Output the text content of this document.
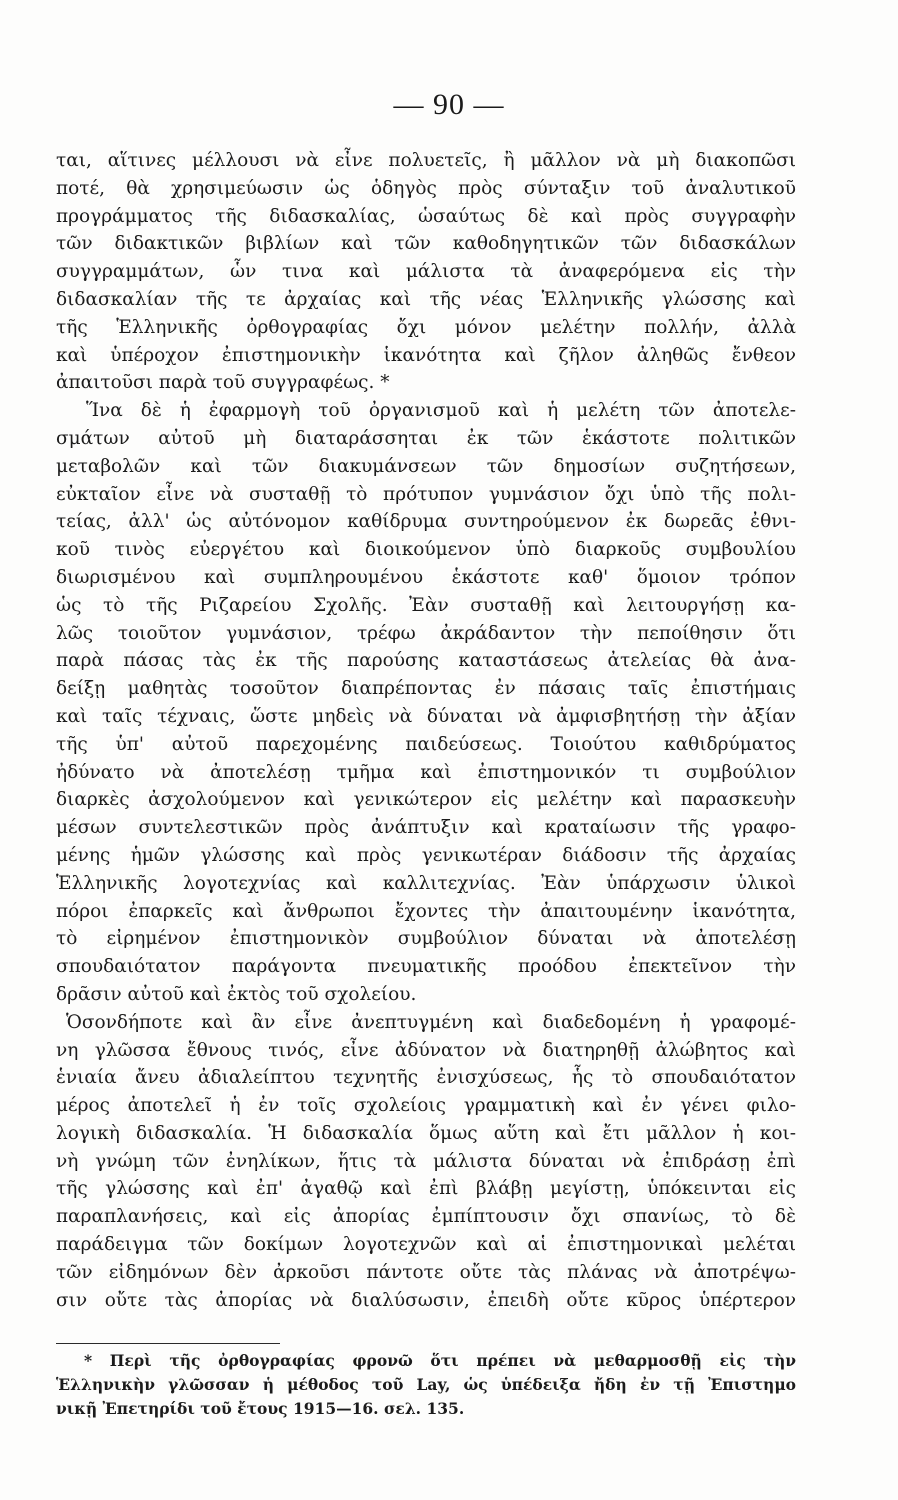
— 90 —
ται, αἵτινες μέλλουσι νὰ εἶνε πολυετεῖς, ἢ μᾶλλον νὰ μὴ διακοπῶσι
ποτέ, θὰ χρησιμεύωσιν ὡς ὁδηγὸς πρὸς σύνταξιν τοῦ ἀναλυτικοῦ
προγράμματος τῆς διδασκαλίας, ὡσαύτως δὲ καὶ πρὸς συγγραφὴν
τῶν διδακτικῶν βιβλίων καὶ τῶν καθοδηγητικῶν τῶν διδασκάλων
συγγραμμάτων, ὧν τινα καὶ μάλιστα τὰ ἀναφερόμενα εἰς τὴν
διδασκαλίαν τῆς τε ἀρχαίας καὶ τῆς νέας Ἑλληνικῆς γλώσσης καὶ
τῆς Ἑλληνικῆς ὀρθογραφίας ὄχι μόνον μελέτην πολλήν, ἀλλὰ
καὶ ὑπέροχον ἐπιστημονικὴν ἱκανότητα καὶ ζῆλον ἀληθῶς ἔνθεον
ἀπαιτοῦσι παρὰ τοῦ συγγραφέως. *
Ἵνα δὲ ἡ ἐφαρμογὴ τοῦ ὀργανισμοῦ καὶ ἡ μελέτη τῶν ἀποτελε-
σμάτων αὐτοῦ μὴ διαταράσσηται ἐκ τῶν ἑκάστοτε πολιτικῶν
μεταβολῶν καὶ τῶν διακυμάνσεων τῶν δημοσίων συζητήσεων,
εὐκταῖον εἶνε νὰ συσταθῇ τὸ πρότυπον γυμνάσιον ὄχι ὑπὸ τῆς πολι-
τείας, ἀλλ' ὡς αὐτόνομον καθίδρυμα συντηρούμενον ἐκ δωρεᾶς ἐθνι-
κοῦ τινὸς εὐεργέτου καὶ διοικούμενον ὑπὸ διαρκοῦς συμβουλίου
διωρισμένου καὶ συμπληρουμένου ἑκάστοτε καθ' ὅμοιον τρόπον
ὡς τὸ τῆς Ριζαρείου Σχολῆς. Ἐὰν συσταθῇ καὶ λειτουργήσῃ κα-
λῶς τοιοῦτον γυμνάσιον, τρέφω ἀκράδαντον τὴν πεποίθησιν ὅτι
παρὰ πάσας τὰς ἐκ τῆς παρούσης καταστάσεως ἀτελείας θὰ ἀνα-
δείξῃ μαθητὰς τοσοῦτον διαπρέποντας ἐν πάσαις ταῖς ἐπιστήμαις
καὶ ταῖς τέχναις, ὥστε μηδεὶς νὰ δύναται νὰ ἀμφισβητήσῃ τὴν ἀξίαν
τῆς ὑπ' αὐτοῦ παρεχομένης παιδεύσεως. Τοιούτου καθιδρύματος
ἠδύνατο νὰ ἀποτελέσῃ τμῆμα καὶ ἐπιστημονικόν τι συμβούλιον
διαρκὲς ἀσχολούμενον καὶ γενικώτερον εἰς μελέτην καὶ παρασκευὴν
μέσων συντελεστικῶν πρὸς ἀνάπτυξιν καὶ κραταίωσιν τῆς γραφο-
μένης ἡμῶν γλώσσης καὶ πρὸς γενικωτέραν διάδοσιν τῆς ἀρχαίας
Ἑλληνικῆς λογοτεχνίας καὶ καλλιτεχνίας. Ἐὰν ὑπάρχωσιν ὑλικοὶ
πόροι ἐπαρκεῖς καὶ ἄνθρωποι ἔχοντες τὴν ἀπαιτουμένην ἱκανότητα,
τὸ εἰρημένον ἐπιστημονικὸν συμβούλιον δύναται νὰ ἀποτελέσῃ
σπουδαιότατον παράγοντα πνευματικῆς προόδου ἐπεκτεῖνον τὴν
δρᾶσιν αὐτοῦ καὶ ἐκτὸς τοῦ σχολείου.
Ὁσονδήποτε καὶ ἂν εἶνε ἀνεπτυγμένη καὶ διαδεδομένη ἡ γραφομέ-
νη γλῶσσα ἔθνους τινός, εἶνε ἀδύνατον νὰ διατηρηθῇ ἀλώβητος καὶ
ἑνιαία ἄνευ ἀδιαλείπτου τεχνητῆς ἐνισχύσεως, ἧς τὸ σπουδαιότατον
μέρος ἀποτελεῖ ἡ ἐν τοῖς σχολείοις γραμματικὴ καὶ ἐν γένει φιλο-
λογικὴ διδασκαλία. Ἡ διδασκαλία ὅμως αὕτη καὶ ἔτι μᾶλλον ἡ κοι-
νὴ γνώμη τῶν ἐνηλίκων, ἥτις τὰ μάλιστα δύναται νὰ ἐπιδράσῃ ἐπὶ
τῆς γλώσσης καὶ ἐπ' ἀγαθῷ καὶ ἐπὶ βλάβῃ μεγίστῃ, ὑπόκεινται εἰς
παραπλανήσεις, καὶ εἰς ἀπορίας ἐμπίπτουσιν ὄχι σπανίως, τὸ δὲ
παράδειγμα τῶν δοκίμων λογοτεχνῶν καὶ αἱ ἐπιστημονικαὶ μελέται
τῶν εἰδημόνων δὲν ἀρκοῦσι πάντοτε οὔτε τὰς πλάνας νὰ ἀποτρέψω-
σιν οὔτε τὰς ἀπορίας νὰ διαλύσωσιν, ἐπειδὴ οὔτε κῦρος ὑπέρτερον
* Περὶ τῆς ὀρθογραφίας φρονῶ ὅτι πρέπει νὰ μεθαρμοσθῇ εἰς τὴν
Ἑλληνικὴν γλῶσσαν ἡ μέθοδος τοῦ Lay, ὡς ὑπέδειξα ἤδη ἐν τῇ Ἐπιστημο
νικῇ Ἐπετηρίδι τοῦ ἔτους 1915—16. σελ. 135.
